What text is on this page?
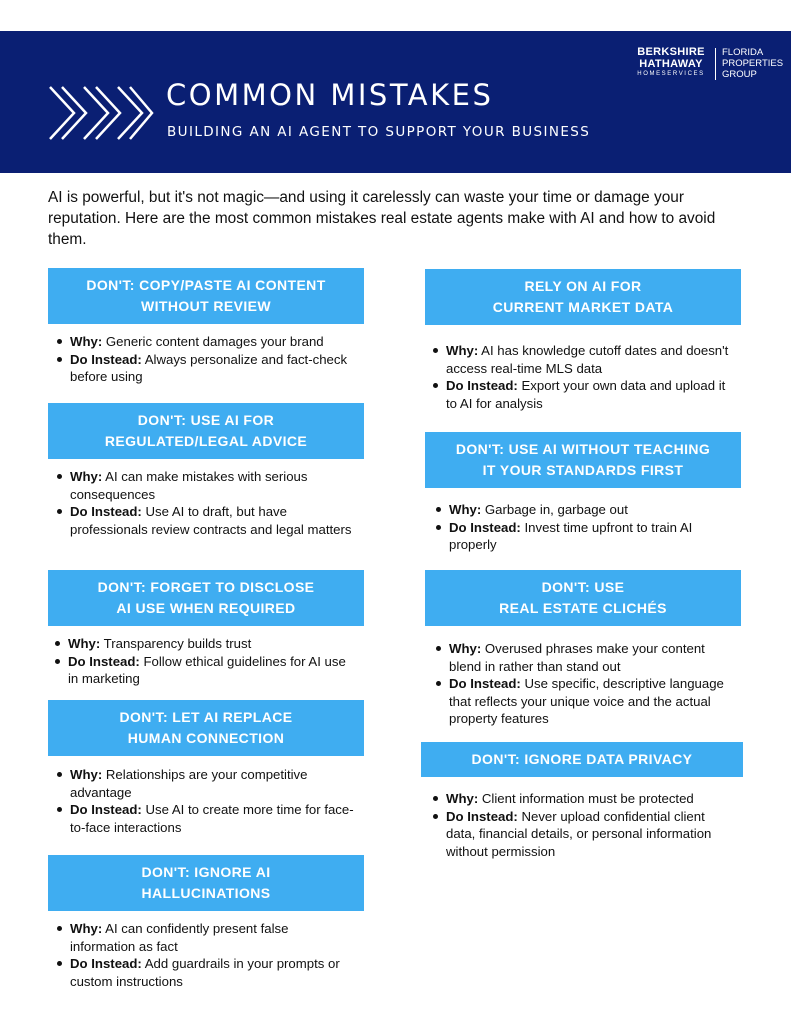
COMMON MISTAKES
BUILDING AN AI AGENT TO SUPPORT YOUR BUSINESS
BERKSHIRE
HATHAWAY
HOMESERVICES
FLORIDA
PROPERTIES
GROUP
AI is powerful, but it's not magic—and using it carelessly can waste your time or damage your reputation. Here are the most common mistakes real estate agents make with AI and how to avoid them.
DON'T: COPY/PASTE AI CONTENT
WITHOUT REVIEW
Why: Generic content damages your brand
Do Instead: Always personalize and fact-check before using
DON'T: USE AI FOR
REGULATED/LEGAL ADVICE
Why: AI can make mistakes with serious consequences
Do Instead: Use AI to draft, but have professionals review contracts and legal matters
DON'T: FORGET TO DISCLOSE
AI USE WHEN REQUIRED
Why: Transparency builds trust
Do Instead: Follow ethical guidelines for AI use in marketing
DON'T: LET AI REPLACE
HUMAN CONNECTION
Why: Relationships are your competitive advantage
Do Instead: Use AI to create more time for face-to-face interactions
DON'T: IGNORE AI
HALLUCINATIONS
Why: AI can confidently present false information as fact
Do Instead: Add guardrails in your prompts or custom instructions
RELY ON AI FOR
CURRENT MARKET DATA
Why: AI has knowledge cutoff dates and doesn't access real-time MLS data
Do Instead: Export your own data and upload it to AI for analysis
DON'T: USE AI WITHOUT TEACHING
IT YOUR STANDARDS FIRST
Why: Garbage in, garbage out
Do Instead: Invest time upfront to train AI properly
DON'T: USE
REAL ESTATE CLICHÉS
Why: Overused phrases make your content blend in rather than stand out
Do Instead: Use specific, descriptive language that reflects your unique voice and the actual property features
DON'T: IGNORE DATA PRIVACY
Why: Client information must be protected
Do Instead: Never upload confidential client data, financial details, or personal information without permission
